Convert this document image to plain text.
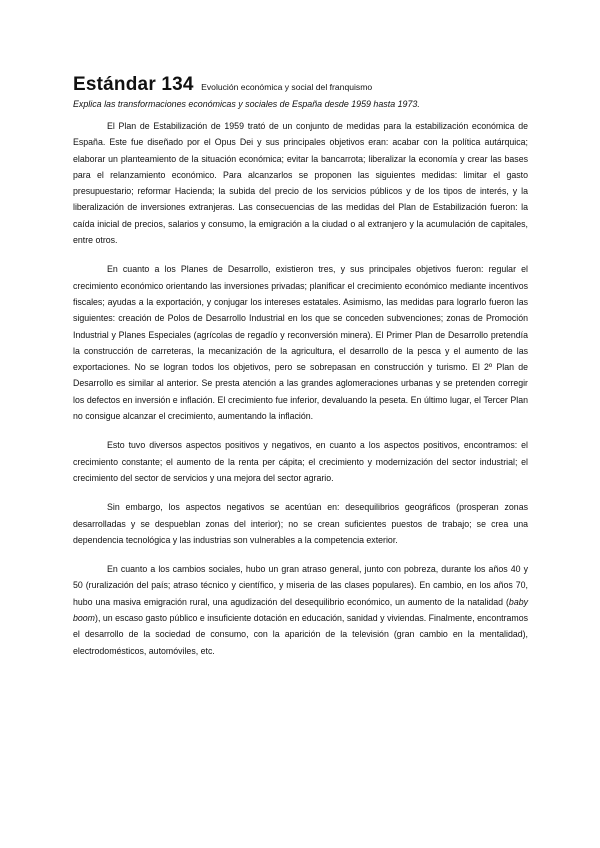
Estándar 134 Evolución económica y social del franquismo
Explica las transformaciones económicas y sociales de España desde 1959 hasta 1973.

El Plan de Estabilización de 1959 trató de un conjunto de medidas para la estabilización económica de España. Este fue diseñado por el Opus Dei y sus principales objetivos eran: acabar con la política autárquica; elaborar un planteamiento de la situación económica; evitar la bancarrota; liberalizar la economía y crear las bases para el relanzamiento económico. Para alcanzarlos se proponen las siguientes medidas: limitar el gasto presupuestario; reformar Hacienda; la subida del precio de los servicios públicos y de los tipos de interés, y la liberalización de inversiones extranjeras. Las consecuencias de las medidas del Plan de Estabilización fueron: la caída inicial de precios, salarios y consumo, la emigración a la ciudad o al extranjero y la acumulación de capitales, entre otros.

En cuanto a los Planes de Desarrollo, existieron tres, y sus principales objetivos fueron: regular el crecimiento económico orientando las inversiones privadas; planificar el crecimiento económico mediante incentivos fiscales; ayudas a la exportación, y conjugar los intereses estatales. Asimismo, las medidas para lograrlo fueron las siguientes: creación de Polos de Desarrollo Industrial en los que se conceden subvenciones; zonas de Promoción Industrial y Planes Especiales (agrícolas de regadío y reconversión minera). El Primer Plan de Desarrollo pretendía la construcción de carreteras, la mecanización de la agricultura, el desarrollo de la pesca y el aumento de las exportaciones. No se logran todos los objetivos, pero se sobrepasan en construcción y turismo. El 2º Plan de Desarrollo es similar al anterior. Se presta atención a las grandes aglomeraciones urbanas y se pretenden corregir los defectos en inversión e inflación. El crecimiento fue inferior, devaluando la peseta. En último lugar, el Tercer Plan no consigue alcanzar el crecimiento, aumentando la inflación.

Esto tuvo diversos aspectos positivos y negativos, en cuanto a los aspectos positivos, encontramos: el crecimiento constante; el aumento de la renta per cápita; el crecimiento y modernización del sector industrial; el crecimiento del sector de servicios y una mejora del sector agrario.

Sin embargo, los aspectos negativos se acentúan en: desequilibrios geográficos (prosperan zonas desarrolladas y se despueblan zonas del interior); no se crean suficientes puestos de trabajo; se crea una dependencia tecnológica y las industrias son vulnerables a la competencia exterior.

En cuanto a los cambios sociales, hubo un gran atraso general, junto con pobreza, durante los años 40 y 50 (ruralización del país; atraso técnico y científico, y miseria de las clases populares). En cambio, en los años 70, hubo una masiva emigración rural, una agudización del desequilibrio económico, un aumento de la natalidad (baby boom), un escaso gasto público e insuficiente dotación en educación, sanidad y viviendas. Finalmente, encontramos el desarrollo de la sociedad de consumo, con la aparición de la televisión (gran cambio en la mentalidad), electrodomésticos, automóviles, etc.
